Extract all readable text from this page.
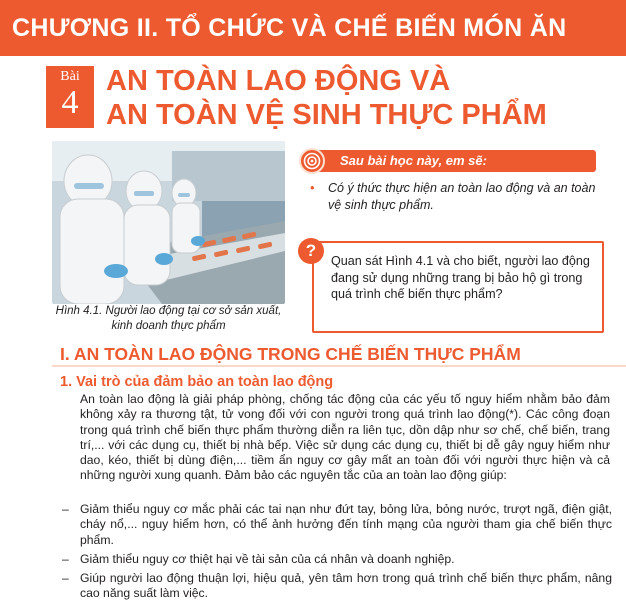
CHƯƠNG II. TỔ CHỨC VÀ CHẾ BIẾN MÓN ĂN
Bài
4
AN TOÀN LAO ĐỘNG VÀ
AN TOÀN VỆ SINH THỰC PHẨM
Hình 4.1. Người lao động tại cơ sở sản xuất, kinh doanh thực phẩm
Sau bài học này, em sẽ:
• Có ý thức thực hiện an toàn lao động và an toàn vệ sinh thực phẩm.
?
Quan sát Hình 4.1 và cho biết, người lao động đang sử dụng những trang bị bảo hộ gì trong quá trình chế biến thực phẩm?
I. AN TOÀN LAO ĐỘNG TRONG CHẾ BIẾN THỰC PHẨM
1. Vai trò của đảm bảo an toàn lao động
An toàn lao động là giải pháp phòng, chống tác động của các yếu tố nguy hiểm nhằm bảo đảm không xảy ra thương tật, tử vong đối với con người trong quá trình lao động(*). Các công đoạn trong quá trình chế biến thực phẩm thường diễn ra liên tục, dồn dập như sơ chế, chế biến, trang trí,... với các dụng cụ, thiết bị nhà bếp. Việc sử dụng các dụng cụ, thiết bị dễ gây nguy hiểm như dao, kéo, thiết bị dùng điện,... tiềm ẩn nguy cơ gây mất an toàn đối với người thực hiện và cả những người xung quanh. Đảm bảo các nguyên tắc của an toàn lao động giúp:
– Giảm thiểu nguy cơ mắc phải các tai nạn như đứt tay, bỏng lửa, bỏng nước, trượt ngã, điện giật, cháy nổ,... nguy hiểm hơn, có thể ảnh hưởng đến tính mạng của người tham gia chế biến thực phẩm.
– Giảm thiểu nguy cơ thiệt hại về tài sản của cá nhân và doanh nghiệp.
– Giúp người lao động thuận lợi, hiệu quả, yên tâm hơn trong quá trình chế biến thực phẩm, nâng cao năng suất làm việc.
